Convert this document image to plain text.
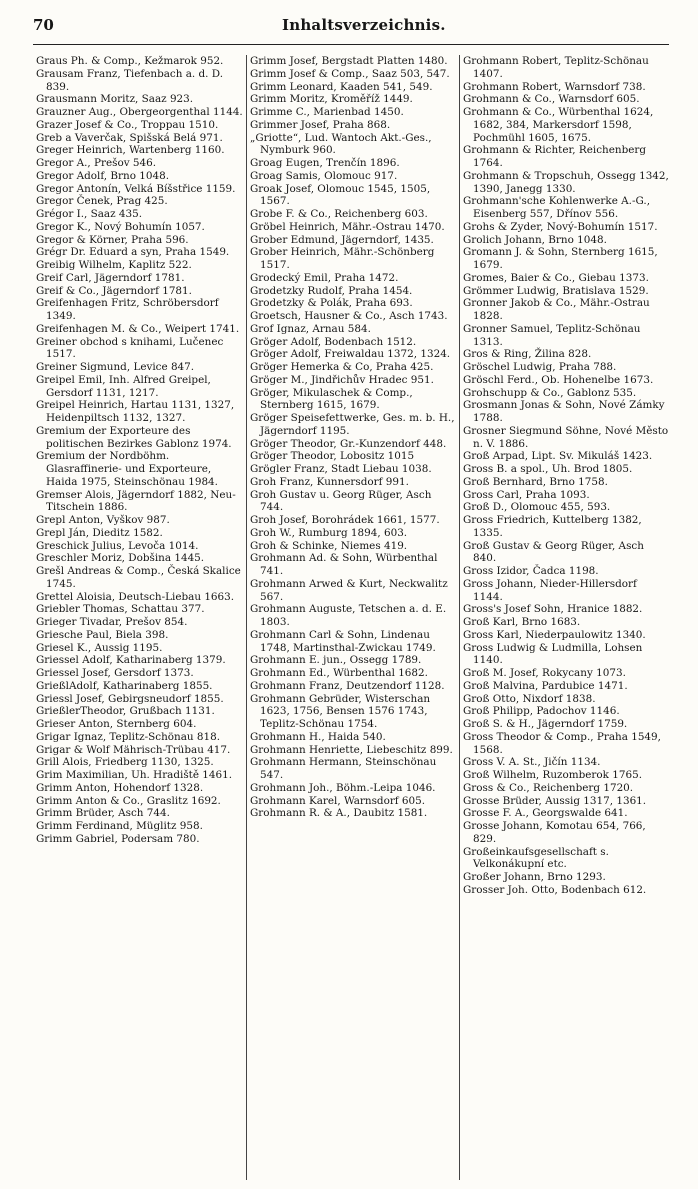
70	Inhaltsverzeichnis.
Graus Ph. & Comp., Kežmarok 952.
Grausam Franz, Tiefenbach a. d. D. 839.
Grausmann Moritz, Saaz 923.
Grauzner Aug., Obergeorgenthal 1144.
Grazer Josef & Co., Troppau 1510.
Greb a Vaverčak, Spišská Belá 971.
Greger Heinrich, Wartenberg 1160.
Gregor A., Prešov 546.
Gregor Adolf, Brno 1048.
Gregor Antonín, Velká Bíšstřice 1159.
Gregor Čenek, Prag 425.
Grégor I., Saaz 435.
Gregor K., Nový Bohumín 1057.
Gregor & Körner, Praha 596.
Grégr Dr. Eduard a syn, Praha 1549.
Greibig Wilhelm, Kaplitz 522.
Greif Carl, Jägerndorf 1781.
Greif & Co., Jägerndorf 1781.
Greifenhagen Fritz, Schröbersdorf 1349.
Greifenhagen M. & Co., Weipert 1741.
Greiner obchod s knihami, Lučenec 1517.
Greiner Sigmund, Levice 847.
Greipel Emil, Inh. Alfred Greipel, Gersdorf 1131, 1217.
Greipel Heinrich, Hartau 1131, 1327, Heidenpiltsch 1132, 1327.
Gremium der Exporteure des politischen Bezirkes Gablonz 1974.
Gremium der Nordböhm. Glasraffinerie- und Exporteure, Haida 1975, Steinschönau 1984.
Gremser Alois, Jägerndorf 1882, Neu-Titschein 1886.
Grepl Anton, Vyškov 987.
Grepl Ján, Dieditz 1582.
Greschick Julius, Levoča 1014.
Greschler Moriz, Dobšina 1445.
Grešl Andreas & Comp., Česká Skalice 1745.
Grettel Aloisia, Deutsch-Liebau 1663.
Griebler Thomas, Schattau 377.
Grieger Tivadar, Prešov 854.
Griesche Paul, Biela 398.
Griesel K., Aussig 1195.
Griessel Adolf, Katharinaberg 1379.
Griessel Josef, Gersdorf 1373.
GrießlAdolf, Katharinaberg 1855.
Griessl Josef, Gebirgsneudorf 1855.
GrießlerTheodor, Grußbach 1131.
Grieser Anton, Sternberg 604.
Grigar Ignaz, Teplitz-Schönau 818.
Grigar & Wolf Mährisch-Trübau 417.
Grill Alois, Friedberg 1130, 1325.
Grim Maximilian, Uh. Hradiště 1461.
Grimm Anton, Hohendorf 1328.
Grimm Anton & Co., Graslitz 1692.
Grimm Brüder, Asch 744.
Grimm Ferdinand, Müglitz 958.
Grimm Gabriel, Podersam 780.
Grimm Josef, Bergstadt Platten 1480.
Grimm Josef & Comp., Saaz 503, 547.
Grimm Leonard, Kaaden 541, 549.
Grimm Moritz, Kroměříž 1449.
Grimme C., Marienbad 1450.
Grimmer Josef, Praha 868.
„Griotte“, Lud. Wantoch Akt.-Ges., Nymburk 960.
Groag Eugen, Trenčín 1896.
Groag Samis, Olomouc 917.
Groak Josef, Olomouc 1545, 1505, 1567.
Grobe F. & Co., Reichenberg 603.
Gröbel Heinrich, Mähr.-Ostrau 1470.
Grober Edmund, Jägerndorf, 1435.
Grober Heinrich, Mähr.-Schönberg 1517.
Grodecký Emil, Praha 1472.
Grodetzky Rudolf, Praha 1454.
Grodetzky & Polák, Praha 693.
Groetsch, Hausner & Co., Asch 1743.
Grof Ignaz, Arnau 584.
Gröger Adolf, Bodenbach 1512.
Gröger Adolf, Freiwaldau 1372, 1324.
Gröger Hemerka & Co, Praha 425.
Gröger M., Jindřichův Hradec 951.
Gröger, Mikulaschek & Comp., Sternberg 1615, 1679.
Gröger Speisefettwerke, Ges. m. b. H., Jägerndorf 1195.
Gröger Theodor, Gr.-Kunzendorf 448.
Gröger Theodor, Lobositz 1015
Grögler Franz, Stadt Liebau 1038.
Groh Franz, Kunnersdorf 991.
Groh Gustav u. Georg Rüger, Asch 744.
Groh Josef, Borohrádek 1661, 1577.
Groh W., Rumburg 1894, 603.
Groh & Schinke, Niemes 419.
Grohmann Ad. & Sohn, Würbenthal 741.
Grohmann Arwed & Kurt, Neckwalitz 567.
Grohmann Auguste, Tetschen a. d. E. 1803.
Grohmann Carl & Sohn, Lindenau 1748, Martinsthal-Zwickau 1749.
Grohmann E. jun., Ossegg 1789.
Grohmann Ed., Würbenthal 1682.
Grohmann Franz, Deutzendorf 1128.
Grohmann Gebrüder, Wisterschan 1623, 1756, Bensen 1576 1743, Teplitz-Schönau 1754.
Grohmann H., Haida 540.
Grohmann Henriette, Liebeschitz 899.
Grohmann Hermann, Steinschönau 547.
Grohmann Joh., Böhm.-Leipa 1046.
Grohmann Karel, Warnsdorf 605.
Grohmann R. & A., Daubitz 1581.
Grohmann Robert, Teplitz-Schönau 1407.
Grohmann Robert, Warnsdorf 738.
Grohmann & Co., Warnsdorf 605.
Grohmann & Co., Würbenthal 1624, 1682, 384, Markersdorf 1598, Pochmühl 1605, 1675.
Grohmann & Richter, Reichenberg 1764.
Grohmann & Tropschuh, Ossegg 1342, 1390, Janegg 1330.
Grohmann'sche Kohlenwerke A.-G., Eisenberg 557, Dřínov 556.
Grohs & Zyder, Nový-Bohumín 1517.
Grolich Johann, Brno 1048.
Gromann J. & Sohn, Sternberg 1615, 1679.
Gromes, Baier & Co., Giebau 1373.
Grömmer Ludwig, Bratislava 1529.
Gronner Jakob & Co., Mähr.-Ostrau 1828.
Gronner Samuel, Teplitz-Schönau 1313.
Gros & Ring, Žilina 828.
Gröschel Ludwig, Praha 788.
Gröschl Ferd., Ob. Hohenelbe 1673.
Grohschupp & Co., Gablonz 535.
Grosmann Jonas & Sohn, Nové Zámky 1788.
Grosner Siegmund Söhne, Nové Město n. V. 1886.
Groß Arpad, Lipt. Sv. Mikuláš 1423.
Gross B. a spol., Uh. Brod 1805.
Groß Bernhard, Brno 1758.
Gross Carl, Praha 1093.
Groß D., Olomouc 455, 593.
Gross Friedrich, Kuttelberg 1382, 1335.
Groß Gustav & Georg Rüger, Asch 840.
Gross Izidor, Čadca 1198.
Gross Johann, Nieder-Hillersdorf 1144.
Gross's Josef Sohn, Hranice 1882.
Groß Karl, Brno 1683.
Gross Karl, Niederpaulowitz 1340.
Gross Ludwig & Ludmilla, Lohsen 1140.
Groß M. Josef, Rokycany 1073.
Groß Malvina, Pardubice 1471.
Groß Otto, Nixdorf 1838.
Groß Philipp, Padochov 1146.
Groß S. & H., Jägerndorf 1759.
Gross Theodor & Comp., Praha 1549, 1568.
Gross V. A. St., Jičín 1134.
Groß Wilhelm, Ruzomberok 1765.
Gross & Co., Reichenberg 1720.
Grosse Brüder, Aussig 1317, 1361.
Grosse F. A., Georgswalde 641.
Grosse Johann, Komotau 654, 766, 829.
Großeinkaufsgesellschaft s. Velkonákupní etc.
Großer Johann, Brno 1293.
Grosser Joh. Otto, Bodenbach 612.
